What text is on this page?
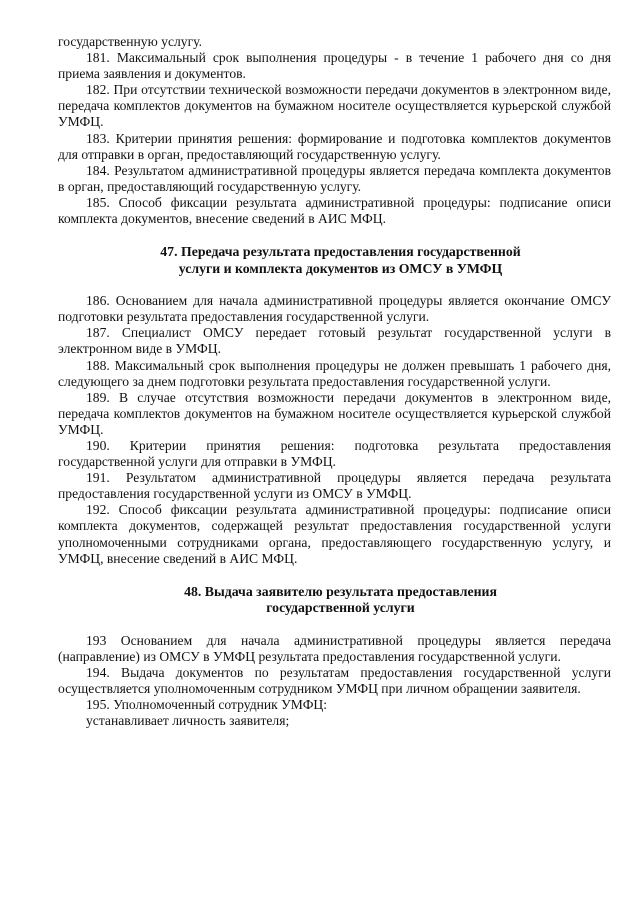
государственную услугу.

181. Максимальный срок выполнения процедуры - в течение 1 рабочего дня со дня приема заявления и документов.

182. При отсутствии технической возможности передачи документов в электронном виде, передача комплектов документов на бумажном носителе осуществляется курьерской службой УМФЦ.

183. Критерии принятия решения: формирование и подготовка комплектов документов для отправки в орган, предоставляющий государственную услугу.

184. Результатом административной процедуры является передача комплекта документов в орган, предоставляющий государственную услугу.

185. Способ фиксации результата административной процедуры: подписание описи комплекта документов, внесение сведений в АИС МФЦ.

47. Передача результата предоставления государственной
услуги и комплекта документов из ОМСУ в УМФЦ

186. Основанием для начала административной процедуры является окончание ОМСУ подготовки результата предоставления государственной услуги.

187. Специалист ОМСУ передает готовый результат государственной услуги в электронном виде в УМФЦ.

188. Максимальный срок выполнения процедуры не должен превышать 1 рабочего дня, следующего за днем подготовки результата предоставления государственной услуги.

189. В случае отсутствия возможности передачи документов в электронном виде, передача комплектов документов на бумажном носителе осуществляется курьерской службой УМФЦ.

190. Критерии принятия решения: подготовка результата предоставления государственной услуги для отправки в УМФЦ.

191. Результатом административной процедуры является передача результата предоставления государственной услуги из ОМСУ в УМФЦ.

192. Способ фиксации результата административной процедуры: подписание описи комплекта документов, содержащей результат предоставления государственной услуги уполномоченными сотрудниками органа, предоставляющего государственную услугу, и УМФЦ, внесение сведений в АИС МФЦ.

48. Выдача заявителю результата предоставления
государственной услуги

193 Основанием для начала административной процедуры является передача (направление) из ОМСУ в УМФЦ результата предоставления государственной услуги.

194. Выдача документов по результатам предоставления государственной услуги осуществляется уполномоченным сотрудником УМФЦ при личном обращении заявителя.

195. Уполномоченный сотрудник УМФЦ:

устанавливает личность заявителя;
